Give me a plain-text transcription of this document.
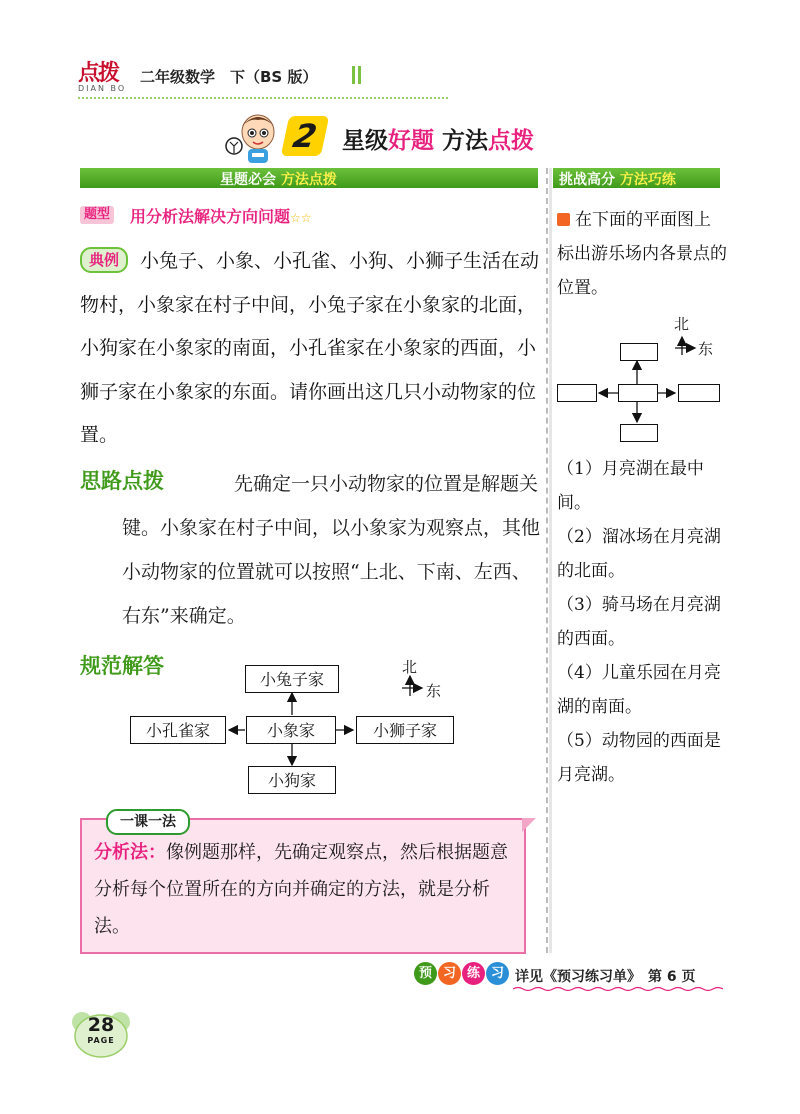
点拨
DIAN BO
二年级数学　下（BS 版）
2 星级好题 方法点拨
星题必会 方法点拨	挑战高分 方法巧练
题型 用分析法解决方向问题☆☆
小兔子、小象、小孔雀、小狗、小狮子生活在动物村，小象家在村子中间，小兔子家在小象家的北面，小狗家在小象家的南面，小孔雀家在小象家的西面，小狮子家在小象家的东面。请你画出这几只小动物家的位置。
典例
先确定一只小动物家的位置是解题关键。小象家在村子中间，以小象家为观察点，其他小动物家的位置就可以按照“上北、下南、左西、右东”来确定。
思路点拨
规范解答	北
东
小兔子家
小象家
小狗家
小孔雀家	小狮子家
一课一法
分析法：像例题那样，先确定观察点，然后根据题意分析每个位置所在的方向并确定的方法，就是分析法。
在下面的平面图上标出游乐场内各景点的位置。
北
东

（1）月亮湖在最中间。

（2）溜冰场在月亮湖的北面。

（3）骑马场在月亮湖的西面。

（4）儿童乐园在月亮湖的南面。

（5）动物园的西面是月亮湖。

预 习 练 习 详见《预习练习单》　第 6 页
28
PAGE
